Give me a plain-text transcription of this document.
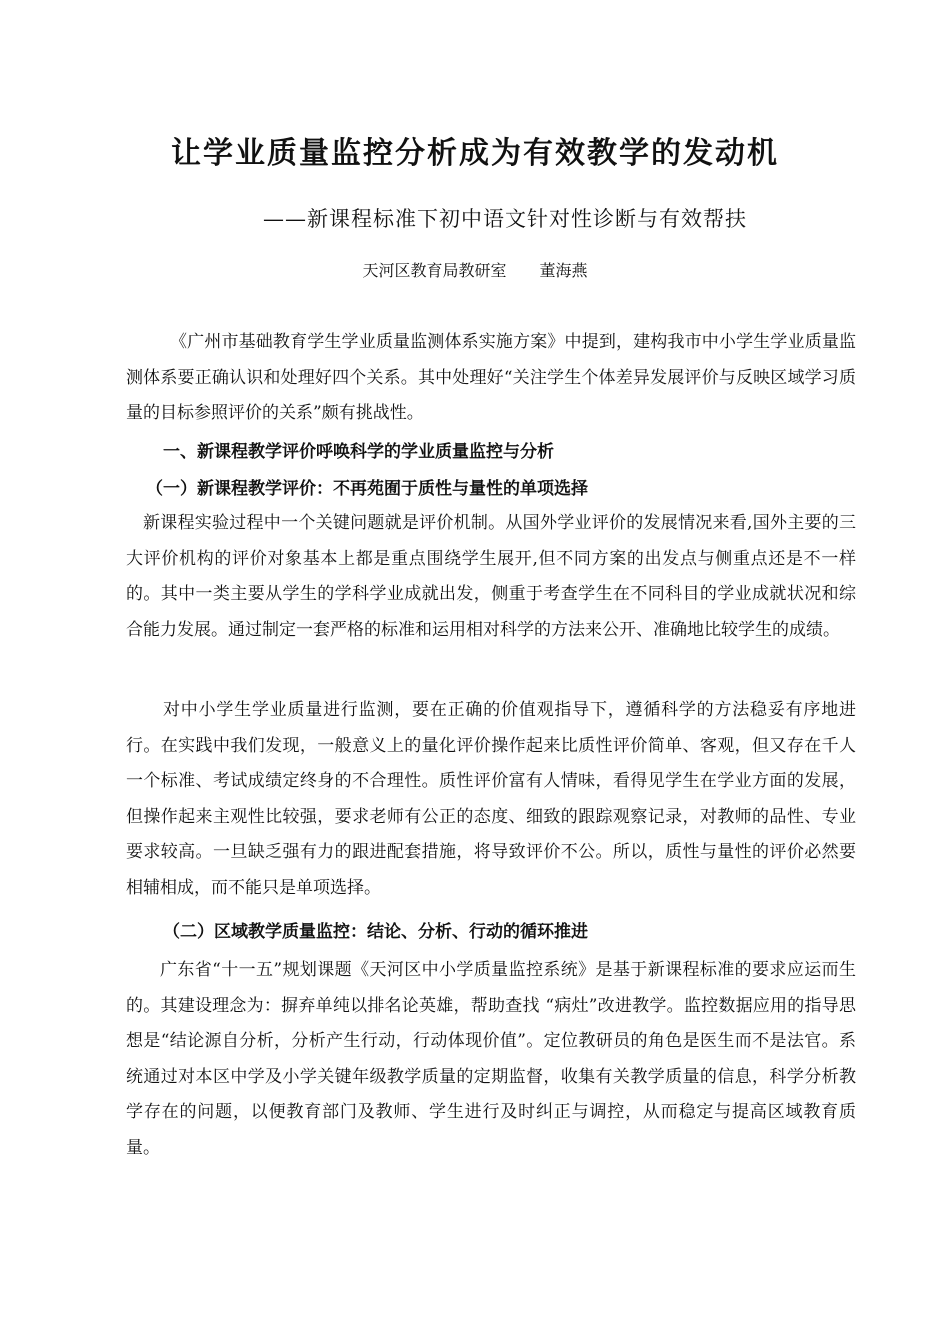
让学业质量监控分析成为有效教学的发动机
——新课程标准下初中语文针对性诊断与有效帮扶
天河区教育局教研室 董海燕
《广州市基础教育学生学业质量监测体系实施方案》中提到，建构我市中小学生学业质量监测体系要正确认识和处理好四个关系。其中处理好“关注学生个体差异发展评价与反映区域学习质量的目标参照评价的关系”颇有挑战性。
一、新课程教学评价呼唤科学的学业质量监控与分析
（一）新课程教学评价：不再苑囿于质性与量性的单项选择
新课程实验过程中一个关键问题就是评价机制。从国外学业评价的发展情况来看,国外主要的三大评价机构的评价对象基本上都是重点围绕学生展开,但不同方案的出发点与侧重点还是不一样的。其中一类主要从学生的学科学业成就出发，侧重于考查学生在不同科目的学业成就状况和综合能力发展。通过制定一套严格的标准和运用相对科学的方法来公开、准确地比较学生的成绩。
对中小学生学业质量进行监测，要在正确的价值观指导下，遵循科学的方法稳妥有序地进行。在实践中我们发现，一般意义上的量化评价操作起来比质性评价简单、客观，但又存在千人一个标准、考试成绩定终身的不合理性。质性评价富有人情味，看得见学生在学业方面的发展，但操作起来主观性比较强，要求老师有公正的态度、细致的跟踪观察记录，对教师的品性、专业要求较高。一旦缺乏强有力的跟进配套措施，将导致评价不公。所以，质性与量性的评价必然要相辅相成，而不能只是单项选择。
（二）区域教学质量监控：结论、分析、行动的循环推进
广东省“十一五”规划课题《天河区中小学质量监控系统》是基于新课程标准的要求应运而生的。其建设理念为：摒弃单纯以排名论英雄，帮助查找 “病灶”改进教学。监控数据应用的指导思想是“结论源自分析，分析产生行动，行动体现价值”。定位教研员的角色是医生而不是法官。系统通过对本区中学及小学关键年级教学质量的定期监督，收集有关教学质量的信息，科学分析教学存在的问题，以便教育部门及教师、学生进行及时纠正与调控，从而稳定与提高区域教育质量。
